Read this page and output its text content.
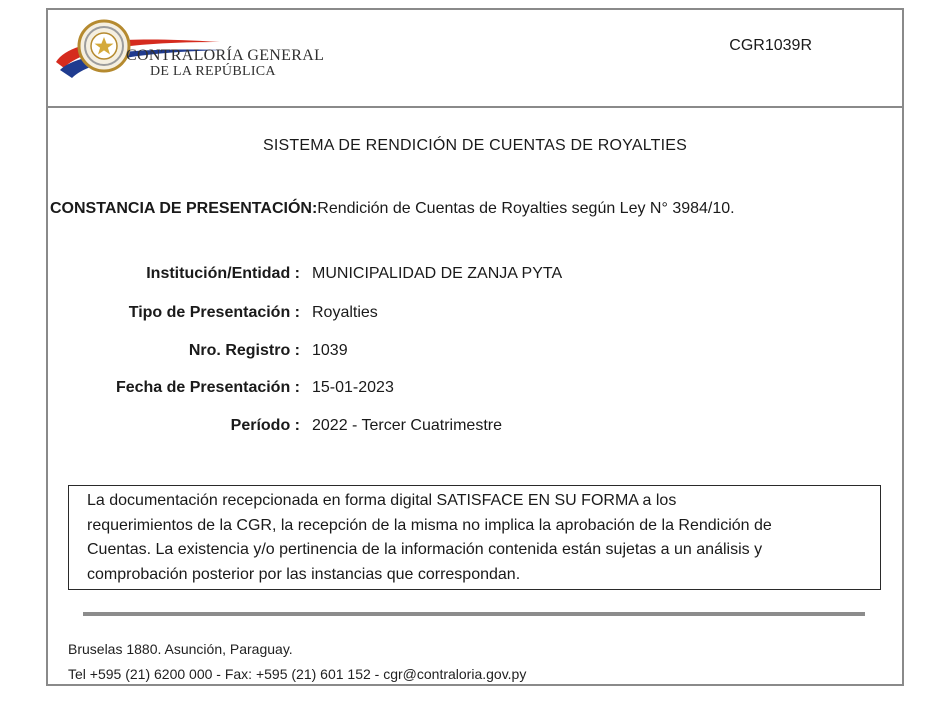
CONTRALORÍA GENERAL
DE LA REPÚBLICA
CGR1039R
SISTEMA DE RENDICIÓN DE CUENTAS DE ROYALTIES
CONSTANCIA DE PRESENTACIÓN:Rendición de Cuentas de Royalties según Ley N° 3984/10.
Institución/Entidad : MUNICIPALIDAD DE ZANJA PYTA
Tipo de Presentación : Royalties
Nro. Registro : 1039
Fecha de Presentación : 15-01-2023
Período : 2022 - Tercer Cuatrimestre
La documentación recepcionada en forma digital SATISFACE EN SU FORMA a los
requerimientos de la CGR, la recepción de la misma no implica la aprobación de la Rendición de
Cuentas. La existencia y/o pertinencia de la información contenida están sujetas a un análisis y
comprobación posterior por las instancias que correspondan.
Bruselas 1880. Asunción, Paraguay.
Tel +595 (21) 6200 000 - Fax: +595 (21) 601 152 - cgr@contraloria.gov.py
